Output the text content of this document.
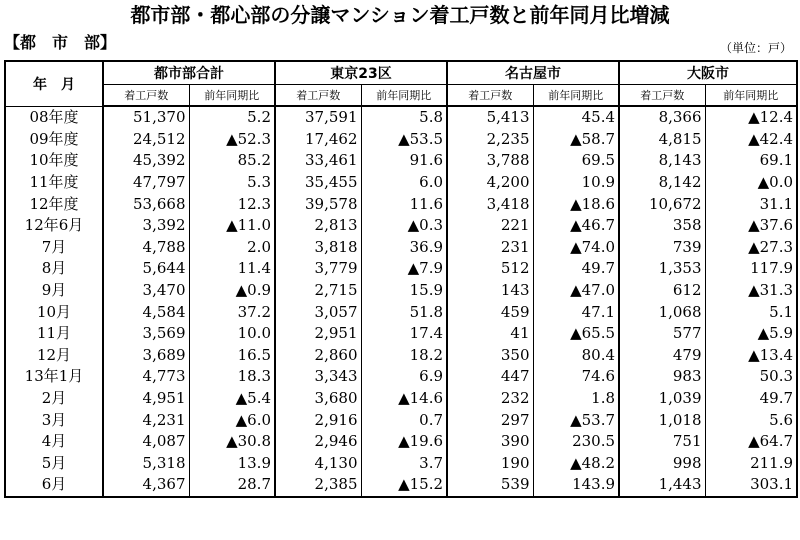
都市部・都心部の分譲マンション着工戸数と前年同月比増減
【都　市　部】	（単位：戸）
年　月	都市部合計		東京23区		名古屋市		大阪市	
	着工戸数	前年同期比	着工戸数	前年同期比	着工戸数	前年同期比	着工戸数	前年同期比
08年度	51,370	5.2	37,591	5.8	5,413	45.4	8,366	▲12.4
09年度	24,512	▲52.3	17,462	▲53.5	2,235	▲58.7	4,815	▲42.4
10年度	45,392	85.2	33,461	91.6	3,788	69.5	8,143	69.1
11年度	47,797	5.3	35,455	6.0	4,200	10.9	8,142	▲0.0
12年度	53,668	12.3	39,578	11.6	3,418	▲18.6	10,672	31.1
12年6月	3,392	▲11.0	2,813	▲0.3	221	▲46.7	358	▲37.6
7月	4,788	2.0	3,818	36.9	231	▲74.0	739	▲27.3
8月	5,644	11.4	3,779	▲7.9	512	49.7	1,353	117.9
9月	3,470	▲0.9	2,715	15.9	143	▲47.0	612	▲31.3
10月	4,584	37.2	3,057	51.8	459	47.1	1,068	5.1
11月	3,569	10.0	2,951	17.4	41	▲65.5	577	▲5.9
12月	3,689	16.5	2,860	18.2	350	80.4	479	▲13.4
13年1月	4,773	18.3	3,343	6.9	447	74.6	983	50.3
2月	4,951	▲5.4	3,680	▲14.6	232	1.8	1,039	49.7
3月	4,231	▲6.0	2,916	0.7	297	▲53.7	1,018	5.6
4月	4,087	▲30.8	2,946	▲19.6	390	230.5	751	▲64.7
5月	5,318	13.9	4,130	3.7	190	▲48.2	998	211.9
6月	4,367	28.7	2,385	▲15.2	539	143.9	1,443	303.1
